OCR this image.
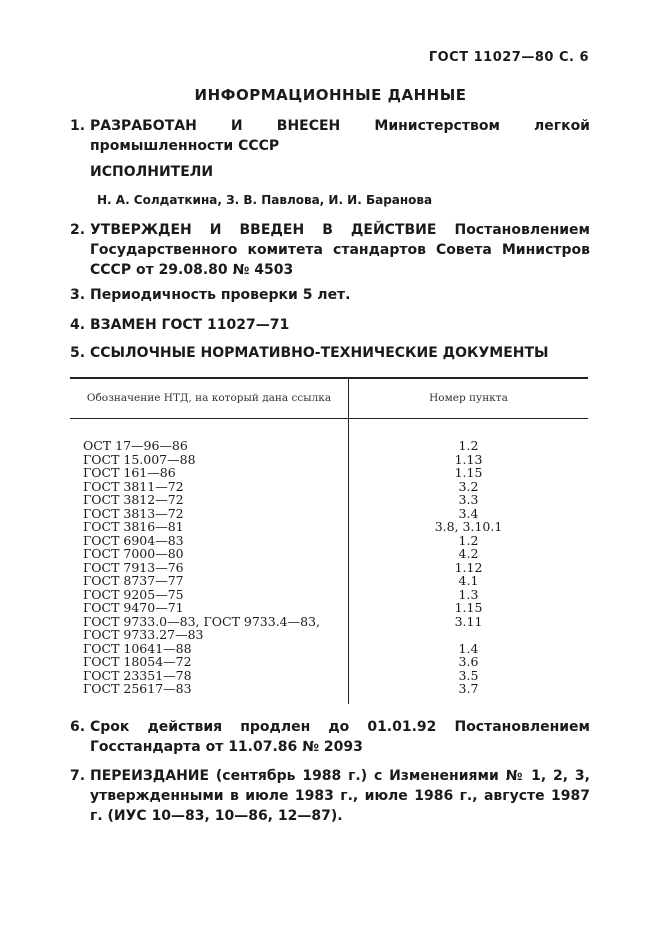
ГОСТ 11027—80 С. 6
ИНФОРМАЦИОННЫЕ ДАННЫЕ
1. РАЗРАБОТАН И ВНЕСЕН Министерством легкой промышленности СССР
ИСПОЛНИТЕЛИ
Н. А. Солдаткина, З. В. Павлова, И. И. Баранова
2. УТВЕРЖДЕН И ВВЕДЕН В ДЕЙСТВИЕ Постановлением Государственного комитета стандартов Совета Министров СССР от 29.08.80 № 4503
3. Периодичность проверки 5 лет.
4. ВЗАМЕН ГОСТ 11027—71
5. ССЫЛОЧНЫЕ НОРМАТИВНО-ТЕХНИЧЕСКИЕ ДОКУМЕНТЫ
Обозначение НТД, на который дана ссылка	Номер пункта
ОСТ 17—96—86	1.2
ГОСТ 15.007—88	1.13
ГОСТ 161—86	1.15
ГОСТ 3811—72	3.2
ГОСТ 3812—72	3.3
ГОСТ 3813—72	3.4
ГОСТ 3816—81	3.8, 3.10.1
ГОСТ 6904—83	1.2
ГОСТ 7000—80	4.2
ГОСТ 7913—76	1.12
ГОСТ 8737—77	4.1
ГОСТ 9205—75	1.3
ГОСТ 9470—71	1.15
ГОСТ 9733.0—83, ГОСТ 9733.4—83, ГОСТ 9733.27—83	3.11
ГОСТ 10641—88	1.4
ГОСТ 18054—72	3.6
ГОСТ 23351—78	3.5
ГОСТ 25617—83	3.7
6. Срок действия продлен до 01.01.92 Постановлением Госстандарта от 11.07.86 № 2093
7. ПЕРЕИЗДАНИЕ (сентябрь 1988 г.) с Изменениями № 1, 2, 3, утвержденными в июле 1983 г., июле 1986 г., августе 1987 г. (ИУС 10—83, 10—86, 12—87).
